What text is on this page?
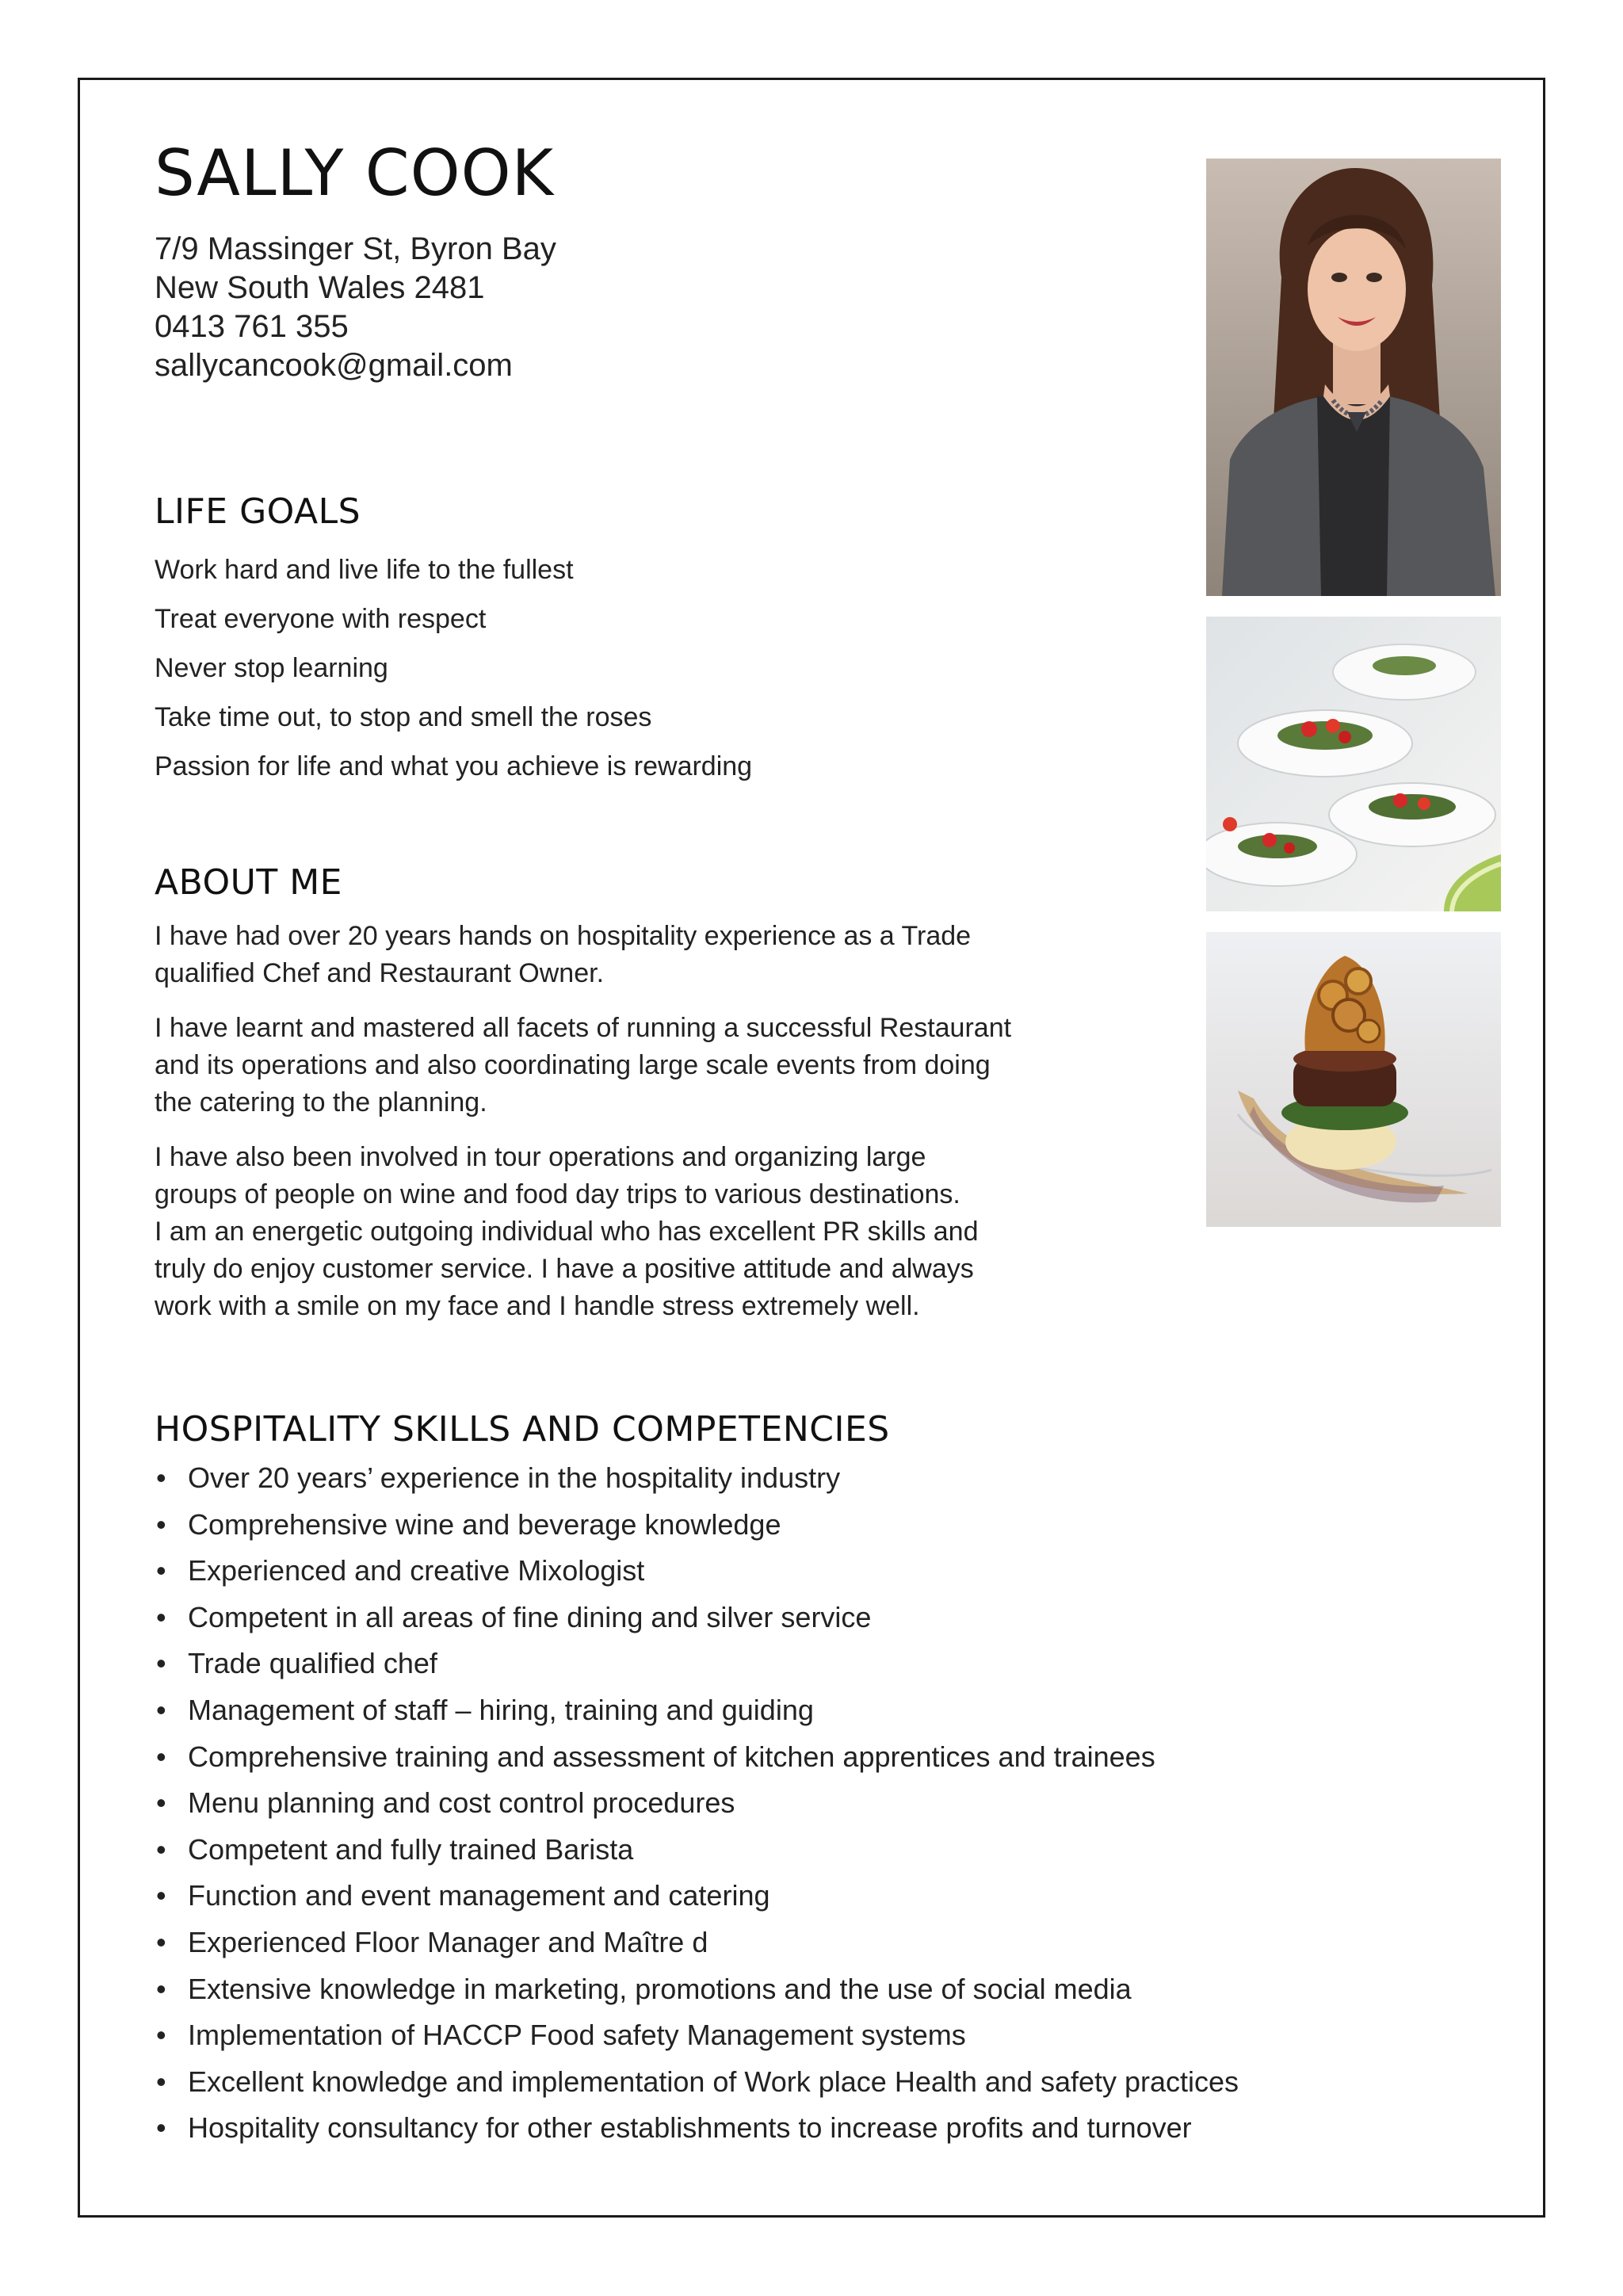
SALLY COOK
7/9 Massinger St, Byron Bay
New South Wales 2481
0413 761 355
sallycancook@gmail.com
LIFE GOALS
Work hard and live life to the fullest
Treat everyone with respect
Never stop learning
Take time out, to stop and smell the roses
Passion for life and what you achieve is rewarding
ABOUT ME

I have had over 20 years hands on hospitality experience as a Trade
qualified Chef and Restaurant Owner.

I have learnt and mastered all facets of running a successful Restaurant
and its operations and also coordinating large scale events from doing
the catering to the planning.

I have also been involved in tour operations and organizing large
groups of people on wine and food day trips to various destinations.
I am an energetic outgoing individual who has excellent PR skills and
truly do enjoy customer service. I have a positive attitude and always
work with a smile on my face and I handle stress extremely well.

HOSPITALITY SKILLS AND COMPETENCIES
• Over 20 years’ experience in the hospitality industry
• Comprehensive wine and beverage knowledge
• Experienced and creative Mixologist
• Competent in all areas of fine dining and silver service
• Trade qualified chef
• Management of staff – hiring, training and guiding
• Comprehensive training and assessment of kitchen apprentices and trainees
• Menu planning and cost control procedures
• Competent and fully trained Barista
• Function and event management and catering
• Experienced Floor Manager and Maître d
• Extensive knowledge in marketing, promotions and the use of social media
• Implementation of HACCP Food safety Management systems
• Excellent knowledge and implementation of Work place Health and safety practices
• Hospitality consultancy for other establishments to increase profits and turnover
